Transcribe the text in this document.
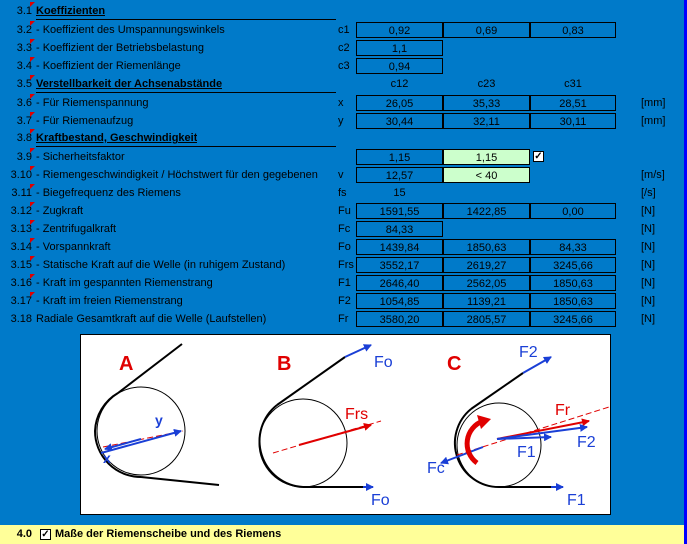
3.1 Koeffizienten
3.2 - Koeffizient des Umspannungswinkels	c1	0,92	0,69	0,83
3.3 - Koeffizient der Betriebsbelastung	c2	1,1
3.4 - Koeffizient der Riemenlänge	c3	0,94
3.5 Verstellbarkeit der Achsenabstände	c12	c23	c31
3.6 - Für Riemenspannung	x	26,05	35,33	28,51	[mm]
3.7 - Für Riemenaufzug	y	30,44	32,11	30,11	[mm]
3.8 Kraftbestand, Geschwindigkeit
3.9 - Sicherheitsfaktor	1,15	1,15	✓
3.10 - Riemengeschwindigkeit / Höchstwert für den gegebenen	v	12,57	< 40	[m/s]
3.11 - Biegefrequenz des Riemens	fs	15	[/s]
3.12 - Zugkraft	Fu	1591,55	1422,85	0,00	[N]
3.13 - Zentrifugalkraft	Fc	84,33	[N]
3.14 - Vorspannkraft	Fo	1439,84	1850,63	84,33	[N]
3.15 - Statische Kraft auf die Welle (in ruhigem Zustand)	Frs	3552,17	2619,27	3245,66	[N]
3.16 - Kraft im gespannten Riemenstrang	F1	2646,40	2562,05	1850,63	[N]
3.17 - Kraft im freien Riemenstrang	F2	1054,85	1139,21	1850,63	[N]
3.18 Radiale Gesamtkraft auf die Welle (Laufstellen)	Fr	3580,20	2805,57	3245,66	[N]
A
y
x
B	Fo
Frs
Fo
C
F2
Fr
F2
F1
Fc
F1
4.0 ✓ Maße der Riemenscheibe und des Riemens
